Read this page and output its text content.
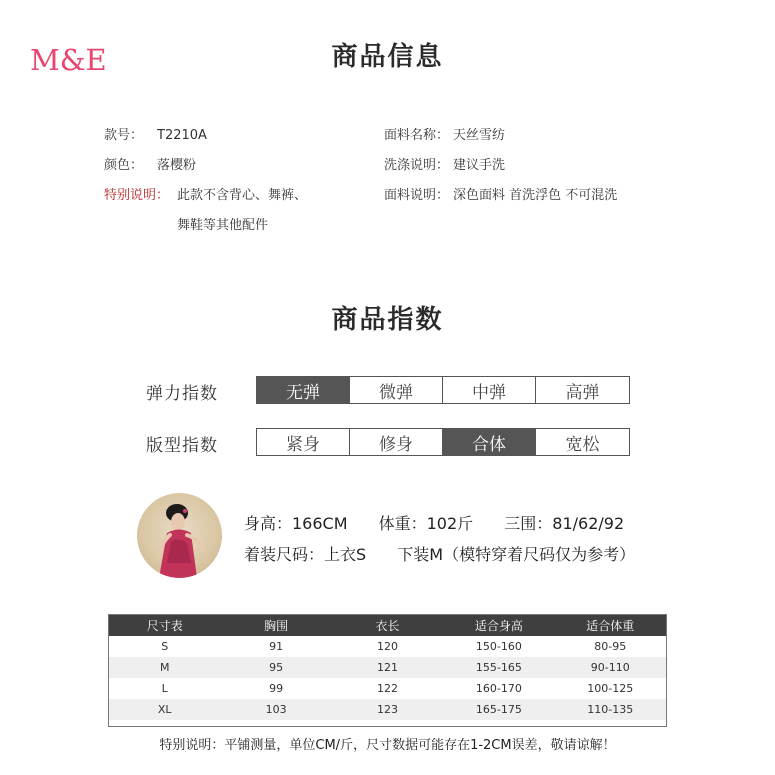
M&E	商品信息
款号： T2210A
颜色： 落樱粉
特别说明： 此款不含背心、舞裤、
舞鞋等其他配件
面料名称： 天丝雪纺
洗涤说明： 建议手洗
面料说明： 深色面料 首洗浮色 不可混洗
商品指数
弹力指数	无弹	微弹	中弹	高弹
版型指数	紧身	修身	合体	宽松
身高：166CM 体重：102斤 三围：81/62/92
着装尺码：上衣S 下装M（模特穿着尺码仅为参考）
尺寸表	胸围	衣长	适合身高	适合体重
S	91	120	150-160	80-95
M	95	121	155-165	90-110
L	99	122	160-170	100-125
XL	103	123	165-175	110-135
特别说明：平铺测量，单位CM/斤，尺寸数据可能存在1-2CM误差，敬请谅解！
